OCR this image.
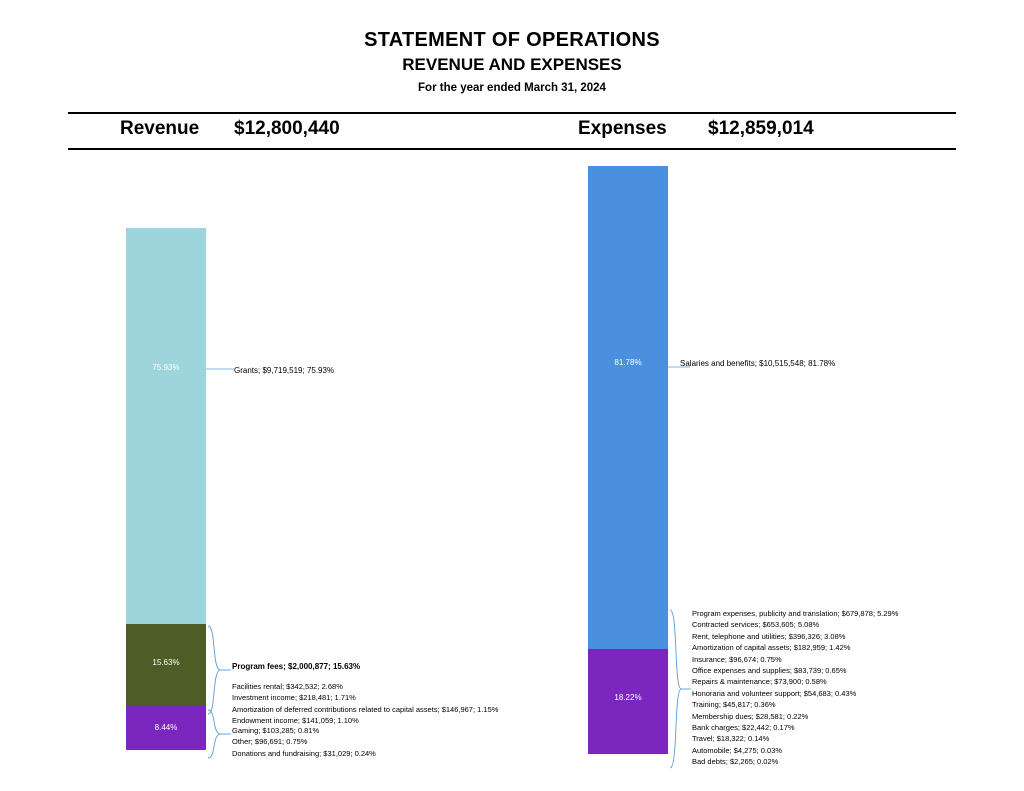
STATEMENT OF OPERATIONS
REVENUE AND EXPENSES
For the year ended March 31, 2024
Revenue $12,800,440	Expenses $12,859,014
75.93%
15.63%
8.44%
81.78%
18.22%
Grants; $9,719,519; 75.93%
Program fees; $2,000,877; 15.63%
Facilities rental; $342,532; 2.68%
Investment income; $218,481; 1.71%
Amortization of deferred contributions related to capital assets; $146,967; 1.15%
Endowment income; $141,059; 1.10%
Gaming; $103,285; 0.81%
Other; $96,691; 0.75%
Donations and fundraising; $31,029; 0.24%
Salaries and benefits; $10,515,548; 81.78%
Program expenses, publicity and translation; $679,878; 5.29%
Contracted services; $653,605; 5.08%
Rent, telephone and utilities; $396,326; 3.08%
Amortization of capital assets; $182,959; 1.42%
Insurance; $96,674; 0.75%
Office expenses and supplies; $83,739; 0.65%
Repairs & maintenance; $73,900; 0.58%
Honoraria and volunteer support; $54,683; 0.43%
Training; $45,817; 0.36%
Membership dues; $28,581; 0.22%
Bank charges; $22,442; 0.17%
Travel; $18,322; 0.14%
Automobile; $4,275; 0.03%
Bad debts; $2,265; 0.02%
